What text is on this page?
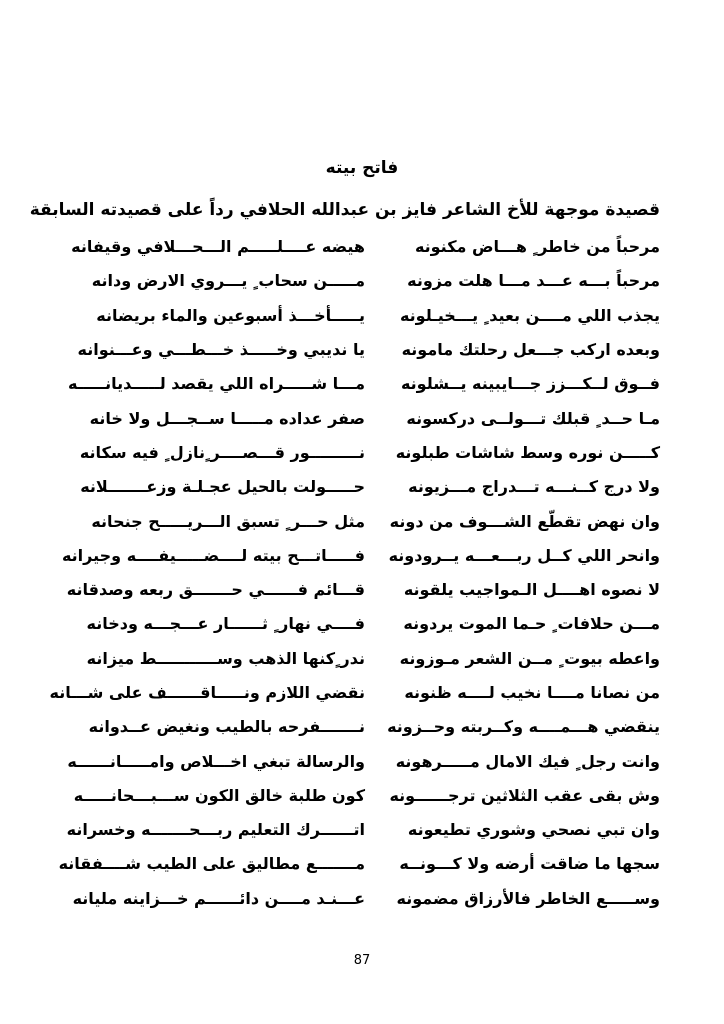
فاتح بيته
قصيدة موجهة للأخ الشاعر فايز بن عبدالله الحلافي رداً على قصيدته السابقة
مرحباً من خاطر ٍ هـــاض مكنونه
هيضه عــــلـــــم الـــحـــلافي وقيفانه
مرحباً بـــه عـــد مـــا هلت مزونه
مـــــن سحاب ٍ يـــروي الارض ودانه
يجذب اللي مــــن بعيد ٍ يـــخيـلونه
يـــــأخـــذ أسبوعين والماء بريضانه
وبعده اركب جـــعل رحلتك مامونه
يا نديبي وخـــــذ خـــطـــي وعـــنوانه
فــوق لــكـــزز جـــايبينه يــشلونه
مـــا شـــــراه اللي يقصد لـــــديانـــــه
مـا حــد ٍ قبلك تـــولــى دركسونه
صفر عداده مـــــا ســجـــل ولا خانه
كـــــن نوره وسط شاشات طبلونه
نـــــــــور قـــصــــر ٍنازل ٍ فيه سكانه
ولا درج كــنـــه تـــدراج مـــزيونه
حـــــولت بالحيل عجـلـة وزعـــــــلانه
وان نهض تقطّع الشـــوف من دونه
مثل حـــر ٍ تسبق الـــريـــــح جنحانه
وانحر اللي كــل ربـــعـــه يــرودونه
فـــــاتـــح بيته لــــضـــــيفــــه وجيرانه
لا نصوه اهــــل الـمواجيب يلقونه
قـــائم فــــــي حـــــــق ربعه وصدقانه
مـــن حلافات ٍ حـما الموت يردونه
فــــي نهار ٍ ثــــــار عـــجـــه ودخانه
واعطه بيوت ٍ مــن الشعر مـوزونه
ندر ٍكنها الذهب وســـــــــــط ميزانه
من نصانا مــــا نخيب لــــه ظنونه
نقضي اللازم ونـــــاقــــــف على شـــانه
ينقضي هـــمــــه وكــربته وحــزونه
نـــــــفرحه بالطيب ونغيض عــدوانه
وانت رجل ٍ فيك الامال مـــــرهونه
والرسالة تبغي اخـــلاص وامـــــانــــــه
وش بقى عقب الثلاثين ترجــــــونه
كون طلبة خالق الكون ســـبـــحانـــــه
وان تبي نصحي وشوري تطيعونه
اتــــــرك التعليم ربـــحـــــــه وخسرانه
سجها ما ضاقت أرضه ولا كـــونــه
مـــــــع مطاليق على الطيب شــــفقانه
وســـــع الخاطر فالأرزاق مضمونه
عـــنـد مــــن دائــــــم خـــزاينه مليانه
87
